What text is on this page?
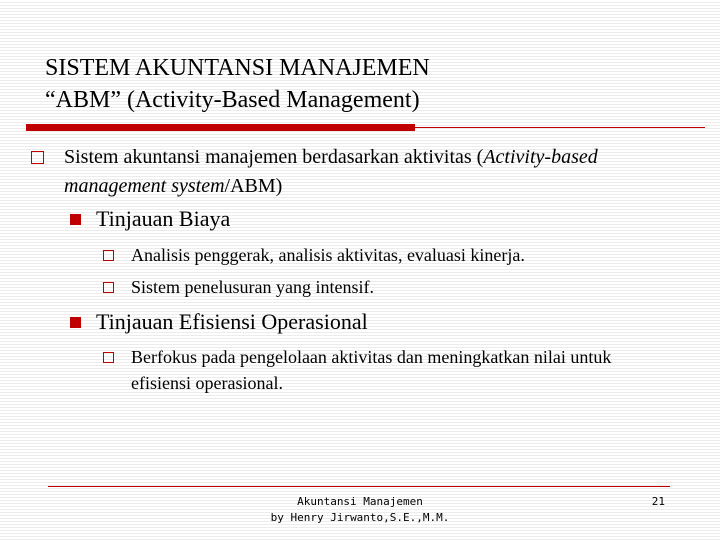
SISTEM AKUNTANSI MANAJEMEN
“ABM” (Activity-Based Management)

Sistem akuntansi manajemen berdasarkan aktivitas (Activity-based management system/ABM)

Tinjauan Biaya

Analisis penggerak, analisis aktivitas, evaluasi kinerja.

Sistem penelusuran yang intensif.

Tinjauan Efisiensi Operasional

Berfokus pada pengelolaan aktivitas dan meningkatkan nilai untuk efisiensi operasional.

Akuntansi Manajemen
by Henry Jirwanto,S.E.,M.M.
21
